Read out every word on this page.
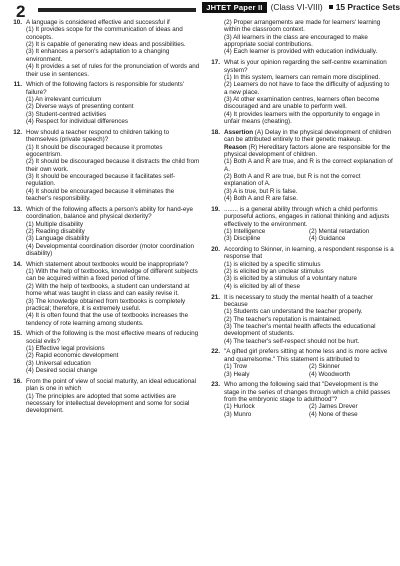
2	JHTET Paper II (Class VI-VIII) 15 Practice Sets
10. A language is considered effective and successful if
(1) It provides scope for the communication of ideas and concepts.
(2) It is capable of generating new ideas and possibilities.
(3) It enhances a person's adaptation to a changing environment.
(4) It provides a set of rules for the pronunciation of words and their use in sentences.
11. Which of the following factors is responsible for students' failure?
(1) An irrelevant curriculum
(2) Diverse ways of presenting content
(3) Student-centred activities
(4) Respect for individual differences
12. How should a teacher respond to children talking to themselves (private speech)?
(1) It should be discouraged because it promotes egocentrism.
(2) It should be discouraged because it distracts the child from their own work.
(3) It should be encouraged because it facilitates self-regulation.
(4) It should be encouraged because it eliminates the teacher's responsibility.
13. Which of the following affects a person's ability for hand-eye coordination, balance and physical dexterity?
(1) Multiple disability
(2) Reading disability
(3) Language disability
(4) Developmental coordination disorder (motor coordination disability)
14. Which statement about textbooks would be inappropriate?
(1) With the help of textbooks, knowledge of different subjects can be acquired within a fixed period of time.
(2) With the help of textbooks, a student can understand at home what was taught in class and can easily revise it.
(3) The knowledge obtained from textbooks is completely practical; therefore, it is extremely useful.
(4) It is often found that the use of textbooks increases the tendency of rote learning among students.
15. Which of the following is the most effective means of reducing social evils?
(1) Effective legal provisions
(2) Rapid economic development
(3) Universal education
(4) Desired social change
16. From the point of view of social maturity, an ideal educational plan is one in which
(1) The principles are adopted that some activities are necessary for intellectual development and some for social development.
(2) Proper arrangements are made for learners' learning within the classroom context.
(3) All learners in the class are encouraged to make appropriate social contributions.
(4) Each learner is provided with education individually.
17. What is your opinion regarding the self-centre examination system?
(1) In this system, learners can remain more disciplined.
(2) Learners do not have to face the difficulty of adjusting to a new place.
(3) At other examination centres, learners often become discouraged and are unable to perform well.
(4) It provides learners with the opportunity to engage in unfair means (cheating).
18. Assertion (A) Delay in the physical development of children can be attributed entirely to their genetic makeup.
Reason (R) Hereditary factors alone are responsible for the physical development of children.
(1) Both A and R are true, and R is the correct explanation of A.
(2) Both A and R are true, but R is not the correct explanation of A.
(3) A is true, but R is false.
(4) Both A and R are false.
19. ........ is a general ability through which a child performs purposeful actions, engages in rational thinking and adjusts effectively to the environment.
(1) Intelligence	(2) Mental retardation
(3) Discipline	(4) Guidance
20. According to Skinner, in learning, a respondent response is a response that
(1) is elicited by a specific stimulus
(2) is elicited by an unclear stimulus
(3) is elicited by a stimulus of a voluntary nature
(4) is elicited by all of these
21. It is necessary to study the mental health of a teacher because
(1) Students can understand the teacher properly.
(2) The teacher's reputation is maintained.
(3) The teacher's mental health affects the educational development of students.
(4) The teacher's self-respect should not be hurt.
22. "A gifted girl prefers sitting at home less and is more active and quarrelsome." This statement is attributed to
(1) Trow	(2) Skinner
(3) Healy	(4) Woodworth
23. Who among the following said that "Development is the stage in the series of changes through which a child passes from the embryonic stage to adulthood"?
(1) Hurlock	(2) James Drever
(3) Munro	(4) None of these
